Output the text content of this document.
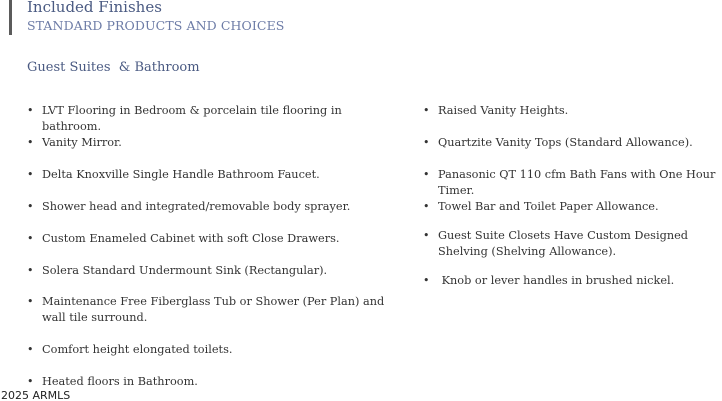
Included Finishes
STANDARD PRODUCTS AND CHOICES
Guest Suites  & Bathroom
• LVT Flooring in Bedroom & porcelain tile flooring in bathroom.
• Vanity Mirror.
• Delta Knoxville Single Handle Bathroom Faucet.
• Shower head and integrated/removable body sprayer.
• Custom Enameled Cabinet with soft Close Drawers.
• Solera Standard Undermount Sink (Rectangular).
• Maintenance Free Fiberglass Tub or Shower (Per Plan) and wall tile surround.
• Comfort height elongated toilets.
• Heated floors in Bathroom.
• Raised Vanity Heights.
• Quartzite Vanity Tops (Standard Allowance).
• Panasonic QT 110 cfm Bath Fans with One Hour Timer.
• Towel Bar and Toilet Paper Allowance.
• Guest Suite Closets Have Custom Designed Shelving (Shelving Allowance).
• Knob or lever handles in brushed nickel.
2025 ARMLS
